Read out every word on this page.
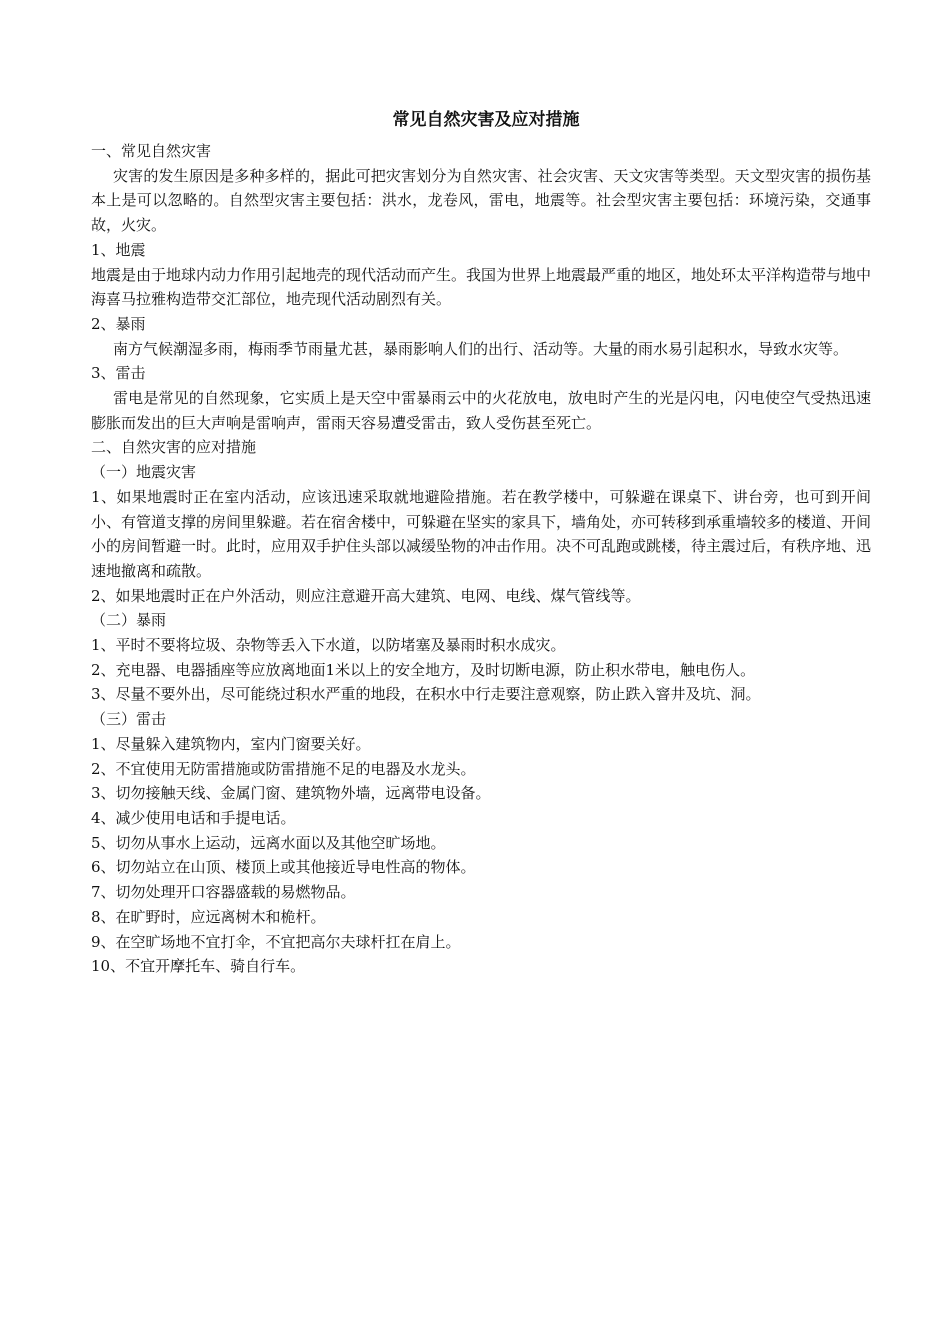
常见自然灾害及应对措施

一、常见自然灾害

灾害的发生原因是多种多样的，据此可把灾害划分为自然灾害、社会灾害、天文灾害等类型。天文型灾害的损伤基本上是可以忽略的。自然型灾害主要包括：洪水，龙卷风，雷电，地震等。社会型灾害主要包括：环境污染，交通事故，火灾。

1、地震

地震是由于地球内动力作用引起地壳的现代活动而产生。我国为世界上地震最严重的地区，地处环太平洋构造带与地中海喜马拉雅构造带交汇部位，地壳现代活动剧烈有关。

2、暴雨

南方气候潮湿多雨，梅雨季节雨量尤甚，暴雨影响人们的出行、活动等。大量的雨水易引起积水，导致水灾等。

3、雷击

雷电是常见的自然现象，它实质上是天空中雷暴雨云中的火花放电，放电时产生的光是闪电，闪电使空气受热迅速膨胀而发出的巨大声响是雷响声，雷雨天容易遭受雷击，致人受伤甚至死亡。

二、自然灾害的应对措施

（一）地震灾害

1、如果地震时正在室内活动，应该迅速采取就地避险措施。若在教学楼中，可躲避在课桌下、讲台旁，也可到开间小、有管道支撑的房间里躲避。若在宿舍楼中，可躲避在坚实的家具下，墙角处，亦可转移到承重墙较多的楼道、开间小的房间暂避一时。此时，应用双手护住头部以减缓坠物的冲击作用。决不可乱跑或跳楼，待主震过后，有秩序地、迅速地撤离和疏散。

2、如果地震时正在户外活动，则应注意避开高大建筑、电网、电线、煤气管线等。

（二）暴雨

1、平时不要将垃圾、杂物等丢入下水道，以防堵塞及暴雨时积水成灾。

2、充电器、电器插座等应放离地面1米以上的安全地方，及时切断电源，防止积水带电，触电伤人。

3、尽量不要外出，尽可能绕过积水严重的地段，在积水中行走要注意观察，防止跌入窨井及坑、洞。

（三）雷击

1、尽量躲入建筑物内，室内门窗要关好。

2、不宜使用无防雷措施或防雷措施不足的电器及水龙头。

3、切勿接触天线、金属门窗、建筑物外墙，远离带电设备。

4、减少使用电话和手提电话。

5、切勿从事水上运动，远离水面以及其他空旷场地。

6、切勿站立在山顶、楼顶上或其他接近导电性高的物体。

7、切勿处理开口容器盛载的易燃物品。

8、在旷野时，应远离树木和桅杆。

9、在空旷场地不宜打伞，不宜把高尔夫球杆扛在肩上。

10、不宜开摩托车、骑自行车。
